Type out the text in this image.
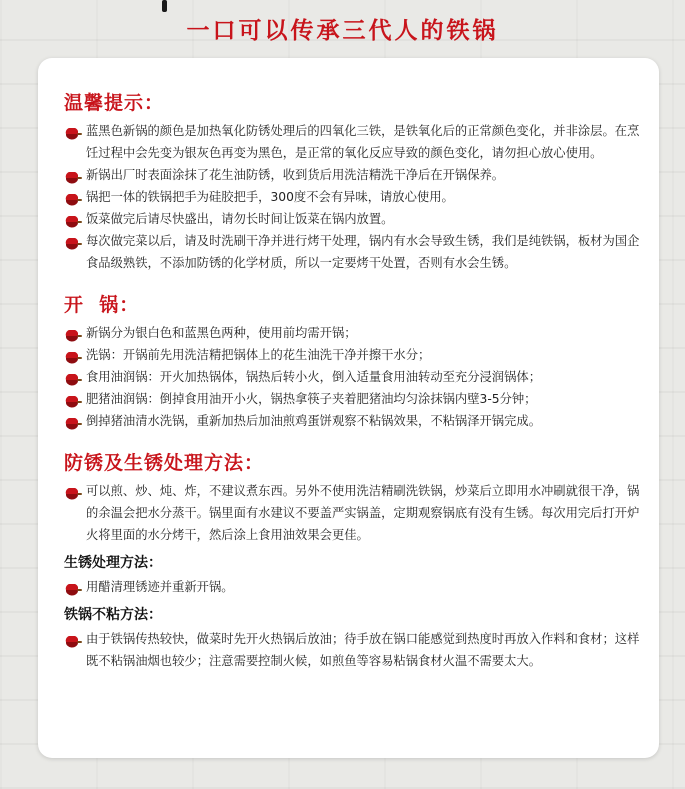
一口可以传承三代人的铁锅
温馨提示：
蓝黑色新锅的颜色是加热氧化防锈处理后的四氧化三铁，是铁氧化后的正常颜色变化，并非涂层。在烹饪过程中会先变为银灰色再变为黑色，是正常的氧化反应导致的颜色变化，请勿担心放心使用。
新锅出厂时表面涂抹了花生油防锈，收到货后用洗洁精洗干净后在开锅保养。
锅把一体的铁锅把手为硅胶把手，300度不会有异味，请放心使用。
饭菜做完后请尽快盛出，请勿长时间让饭菜在锅内放置。
每次做完菜以后，请及时洗刷干净并进行烤干处理，锅内有水会导致生锈，我们是纯铁锅，板材为国企食品级熟铁，不添加防锈的化学材质，所以一定要烤干处置，否则有水会生锈。
开  锅：
新锅分为银白色和蓝黑色两种，使用前均需开锅；
洗锅：开锅前先用洗洁精把锅体上的花生油洗干净并擦干水分；
食用油润锅：开火加热锅体，锅热后转小火，倒入适量食用油转动至充分浸润锅体；
肥猪油润锅：倒掉食用油开小火，锅热拿筷子夹着肥猪油均匀涂抹锅内壁3-5分钟；
倒掉猪油清水洗锅，重新加热后加油煎鸡蛋饼观察不粘锅效果，不粘锅泽开锅完成。
防锈及生锈处理方法：
可以煎、炒、炖、炸，不建议煮东西。另外不使用洗洁精刷洗铁锅，炒菜后立即用水冲刷就很干净，锅的余温会把水分蒸干。锅里面有水建议不要盖严实锅盖，定期观察锅底有没有生锈。每次用完后打开炉火将里面的水分烤干，然后涂上食用油效果会更佳。
生锈处理方法：
用醋清理锈迹并重新开锅。
铁锅不粘方法：
由于铁锅传热较快，做菜时先开火热锅后放油；待手放在锅口能感觉到热度时再放入作料和食材；这样既不粘锅油烟也较少；注意需要控制火候，如煎鱼等容易粘锅食材火温不需要太大。
